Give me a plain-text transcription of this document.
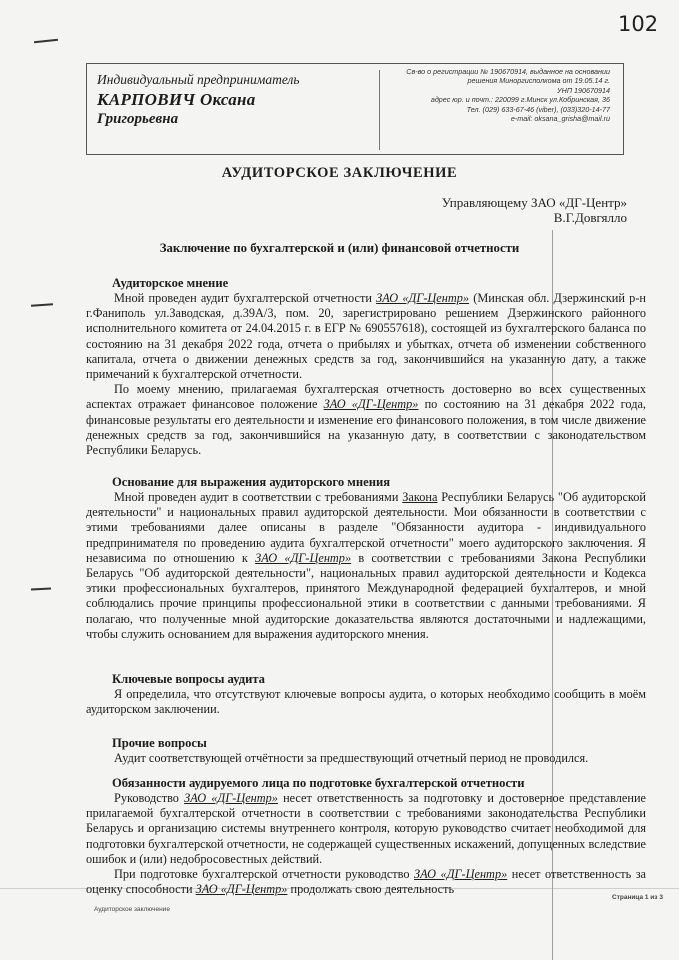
102
Индивидуальный предприниматель
КАРПОВИЧ Оксана
Григорьевна
Св-во о регистрации № 190670914, выданное на основании
решения Миноргисполкома от 19.05.14 г.
УНП 190670914
адрес юр. и почт.: 220099 г.Минск ул.Кобринская, 36
Тел. (029) 633-67-46 (viber), (033)320-14-77
e-mail: oksana_grisha@mail.ru
АУДИТОРСКОЕ ЗАКЛЮЧЕНИЕ
Управляющему ЗАО «ДГ-Центр»
В.Г.Довгялло
Заключение по бухгалтерской и (или) финансовой отчетности
Аудиторское мнение

Мной проведен аудит бухгалтерской отчетности ЗАО «ДГ-Центр» (Минская обл. Дзержинский р-н г.Фаниполь ул.Заводская, д.39А/3, пом. 20, зарегистрировано решением Дзержинского районного исполнительного комитета от 24.04.2015 г. в ЕГР № 690557618), состоящей из бухгалтерского баланса по состоянию на 31 декабря 2022 года, отчета о прибылях и убытках, отчета об изменении собственного капитала, отчета о движении денежных средств за год, закончившийся на указанную дату, а также примечаний к бухгалтерской отчетности.

По моему мнению, прилагаемая бухгалтерская отчетность достоверно во всех существенных аспектах отражает финансовое положение ЗАО «ДГ-Центр» по состоянию на 31 декабря 2022 года, финансовые результаты его деятельности и изменение его финансового положения, в том числе движение денежных средств за год, закончившийся на указанную дату, в соответствии с законодательством Республики Беларусь.

Основание для выражения аудиторского мнения

Мной проведен аудит в соответствии с требованиями Закона Республики Беларусь "Об аудиторской деятельности" и национальных правил аудиторской деятельности. Мои обязанности в соответствии с этими требованиями далее описаны в разделе "Обязанности аудитора - индивидуального предпринимателя по проведению аудита бухгалтерской отчетности" моего аудиторского заключения. Я независима по отношению к ЗАО «ДГ-Центр» в соответствии с требованиями Закона Республики Беларусь "Об аудиторской деятельности", национальных правил аудиторской деятельности и Кодекса этики профессиональных бухгалтеров, принятого Международной федерацией бухгалтеров, и мной соблюдались прочие принципы профессиональной этики в соответствии с данными требованиями. Я полагаю, что полученные мной аудиторские доказательства являются достаточными и надлежащими, чтобы служить основанием для выражения аудиторского мнения.

Ключевые вопросы аудита

Я определила, что отсутствуют ключевые вопросы аудита, о которых необходимо сообщить в моём аудиторском заключении.

Прочие вопросы

Аудит соответствующей отчётности за предшествующий отчетный период не проводился.

Обязанности аудируемого лица по подготовке бухгалтерской отчетности

Руководство ЗАО «ДГ-Центр» несет ответственность за подготовку и достоверное представление прилагаемой бухгалтерской отчетности в соответствии с требованиями законодательства Республики Беларусь и организацию системы внутреннего контроля, которую руководство считает необходимой для подготовки бухгалтерской отчетности, не содержащей существенных искажений, допущенных вследствие ошибок и (или) недобросовестных действий.

При подготовке бухгалтерской отчетности руководство ЗАО «ДГ-Центр» несет ответственность за оценку способности ЗАО «ДГ-Центр» продолжать свою деятельность

Аудиторское заключение
Страница 1 из 3
